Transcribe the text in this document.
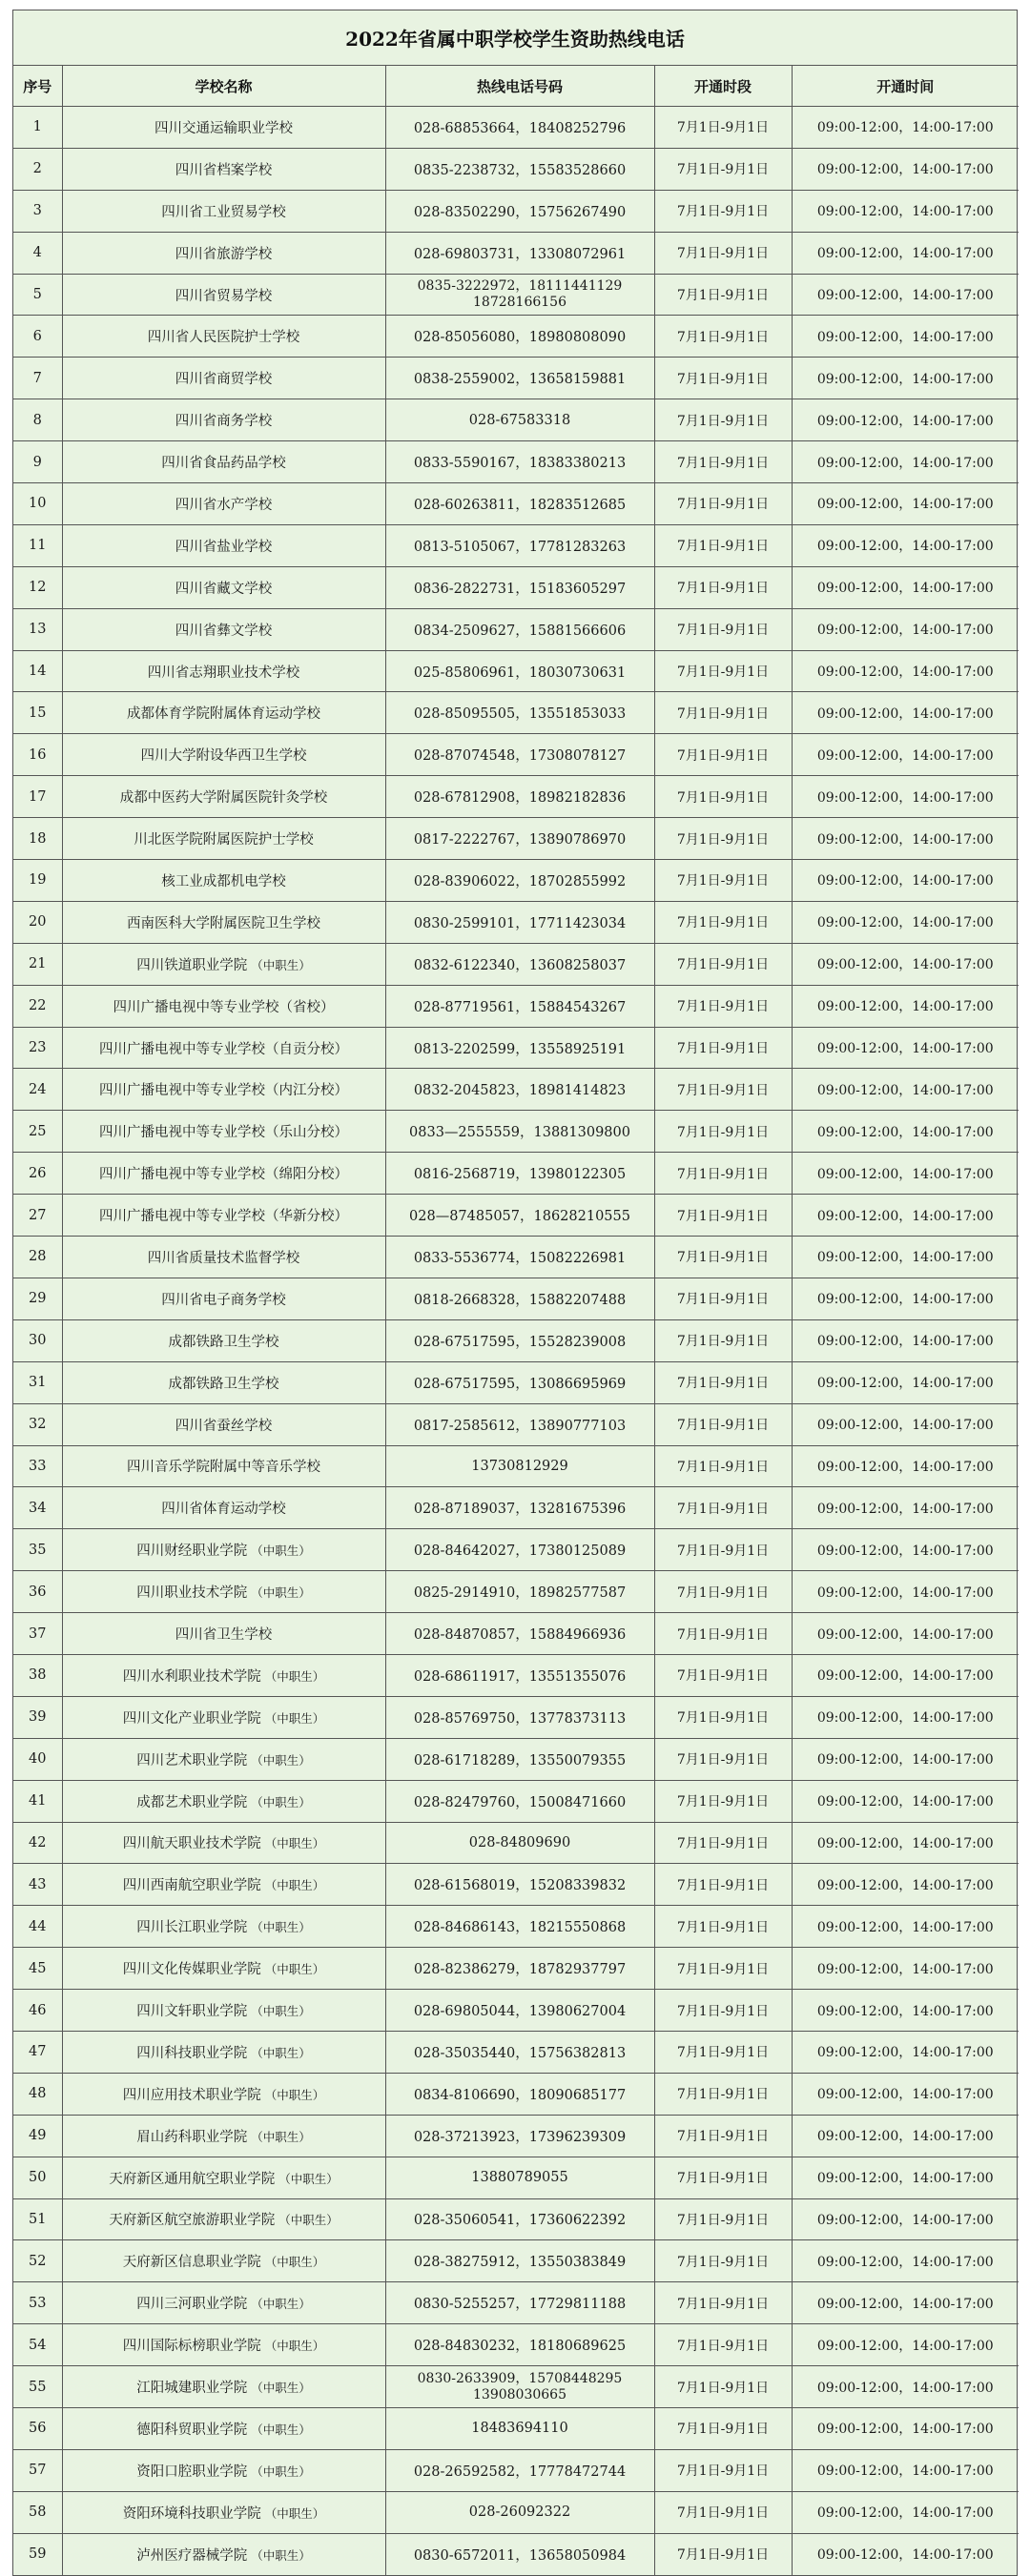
2022年省属中职学校学生资助热线电话
序号	学校名称	热线电话号码	开通时段	开通时间
1	四川交通运输职业学校	028-68853664，18408252796	7月1日-9月1日	09:00-12:00，14:00-17:00
2	四川省档案学校	0835-2238732，15583528660	7月1日-9月1日	09:00-12:00，14:00-17:00
3	四川省工业贸易学校	028-83502290，15756267490	7月1日-9月1日	09:00-12:00，14:00-17:00
4	四川省旅游学校	028-69803731，13308072961	7月1日-9月1日	09:00-12:00，14:00-17:00
5	四川省贸易学校	0835-3222972，18111441129 18728166156	7月1日-9月1日	09:00-12:00，14:00-17:00
6	四川省人民医院护士学校	028-85056080，18980808090	7月1日-9月1日	09:00-12:00，14:00-17:00
7	四川省商贸学校	0838-2559002，13658159881	7月1日-9月1日	09:00-12:00，14:00-17:00
8	四川省商务学校	028-67583318	7月1日-9月1日	09:00-12:00，14:00-17:00
9	四川省食品药品学校	0833-5590167，18383380213	7月1日-9月1日	09:00-12:00，14:00-17:00
10	四川省水产学校	028-60263811，18283512685	7月1日-9月1日	09:00-12:00，14:00-17:00
11	四川省盐业学校	0813-5105067，17781283263	7月1日-9月1日	09:00-12:00，14:00-17:00
12	四川省藏文学校	0836-2822731，15183605297	7月1日-9月1日	09:00-12:00，14:00-17:00
13	四川省彝文学校	0834-2509627，15881566606	7月1日-9月1日	09:00-12:00，14:00-17:00
14	四川省志翔职业技术学校	025-85806961，18030730631	7月1日-9月1日	09:00-12:00，14:00-17:00
15	成都体育学院附属体育运动学校	028-85095505，13551853033	7月1日-9月1日	09:00-12:00，14:00-17:00
16	四川大学附设华西卫生学校	028-87074548，17308078127	7月1日-9月1日	09:00-12:00，14:00-17:00
17	成都中医药大学附属医院针灸学校	028-67812908，18982182836	7月1日-9月1日	09:00-12:00，14:00-17:00
18	川北医学院附属医院护士学校	0817-2222767，13890786970	7月1日-9月1日	09:00-12:00，14:00-17:00
19	核工业成都机电学校	028-83906022，18702855992	7月1日-9月1日	09:00-12:00，14:00-17:00
20	西南医科大学附属医院卫生学校	0830-2599101，17711423034	7月1日-9月1日	09:00-12:00，14:00-17:00
21	四川铁道职业学院 （中职生）	0832-6122340，13608258037	7月1日-9月1日	09:00-12:00，14:00-17:00
22	四川广播电视中等专业学校（省校）	028-87719561，15884543267	7月1日-9月1日	09:00-12:00，14:00-17:00
23	四川广播电视中等专业学校（自贡分校）	0813-2202599，13558925191	7月1日-9月1日	09:00-12:00，14:00-17:00
24	四川广播电视中等专业学校（内江分校）	0832-2045823，18981414823	7月1日-9月1日	09:00-12:00，14:00-17:00
25	四川广播电视中等专业学校（乐山分校）	0833—2555559，13881309800	7月1日-9月1日	09:00-12:00，14:00-17:00
26	四川广播电视中等专业学校（绵阳分校）	0816-2568719，13980122305	7月1日-9月1日	09:00-12:00，14:00-17:00
27	四川广播电视中等专业学校（华新分校）	028—87485057，18628210555	7月1日-9月1日	09:00-12:00，14:00-17:00
28	四川省质量技术监督学校	0833-5536774，15082226981	7月1日-9月1日	09:00-12:00，14:00-17:00
29	四川省电子商务学校	0818-2668328，15882207488	7月1日-9月1日	09:00-12:00，14:00-17:00
30	成都铁路卫生学校	028-67517595，15528239008	7月1日-9月1日	09:00-12:00，14:00-17:00
31	成都铁路卫生学校	028-67517595，13086695969	7月1日-9月1日	09:00-12:00，14:00-17:00
32	四川省蚕丝学校	0817-2585612，13890777103	7月1日-9月1日	09:00-12:00，14:00-17:00
33	四川音乐学院附属中等音乐学校	13730812929	7月1日-9月1日	09:00-12:00，14:00-17:00
34	四川省体育运动学校	028-87189037，13281675396	7月1日-9月1日	09:00-12:00，14:00-17:00
35	四川财经职业学院 （中职生）	028-84642027，17380125089	7月1日-9月1日	09:00-12:00，14:00-17:00
36	四川职业技术学院 （中职生）	0825-2914910，18982577587	7月1日-9月1日	09:00-12:00，14:00-17:00
37	四川省卫生学校	028-84870857，15884966936	7月1日-9月1日	09:00-12:00，14:00-17:00
38	四川水利职业技术学院 （中职生）	028-68611917，13551355076	7月1日-9月1日	09:00-12:00，14:00-17:00
39	四川文化产业职业学院 （中职生）	028-85769750，13778373113	7月1日-9月1日	09:00-12:00，14:00-17:00
40	四川艺术职业学院 （中职生）	028-61718289，13550079355	7月1日-9月1日	09:00-12:00，14:00-17:00
41	成都艺术职业学院 （中职生）	028-82479760，15008471660	7月1日-9月1日	09:00-12:00，14:00-17:00
42	四川航天职业技术学院 （中职生）	028-84809690	7月1日-9月1日	09:00-12:00，14:00-17:00
43	四川西南航空职业学院 （中职生）	028-61568019，15208339832	7月1日-9月1日	09:00-12:00，14:00-17:00
44	四川长江职业学院 （中职生）	028-84686143，18215550868	7月1日-9月1日	09:00-12:00，14:00-17:00
45	四川文化传媒职业学院 （中职生）	028-82386279，18782937797	7月1日-9月1日	09:00-12:00，14:00-17:00
46	四川文轩职业学院 （中职生）	028-69805044，13980627004	7月1日-9月1日	09:00-12:00，14:00-17:00
47	四川科技职业学院 （中职生）	028-35035440，15756382813	7月1日-9月1日	09:00-12:00，14:00-17:00
48	四川应用技术职业学院 （中职生）	0834-8106690，18090685177	7月1日-9月1日	09:00-12:00，14:00-17:00
49	眉山药科职业学院 （中职生）	028-37213923，17396239309	7月1日-9月1日	09:00-12:00，14:00-17:00
50	天府新区通用航空职业学院 （中职生）	13880789055	7月1日-9月1日	09:00-12:00，14:00-17:00
51	天府新区航空旅游职业学院 （中职生）	028-35060541，17360622392	7月1日-9月1日	09:00-12:00，14:00-17:00
52	天府新区信息职业学院 （中职生）	028-38275912，13550383849	7月1日-9月1日	09:00-12:00，14:00-17:00
53	四川三河职业学院 （中职生）	0830-5255257，17729811188	7月1日-9月1日	09:00-12:00，14:00-17:00
54	四川国际标榜职业学院 （中职生）	028-84830232，18180689625	7月1日-9月1日	09:00-12:00，14:00-17:00
55	江阳城建职业学院 （中职生）	0830-2633909，15708448295 13908030665	7月1日-9月1日	09:00-12:00，14:00-17:00
56	德阳科贸职业学院 （中职生）	18483694110	7月1日-9月1日	09:00-12:00，14:00-17:00
57	资阳口腔职业学院 （中职生）	028-26592582，17778472744	7月1日-9月1日	09:00-12:00，14:00-17:00
58	资阳环境科技职业学院 （中职生）	028-26092322	7月1日-9月1日	09:00-12:00，14:00-17:00
59	泸州医疗器械学院 （中职生）	0830-6572011，13658050984	7月1日-9月1日	09:00-12:00，14:00-17:00
